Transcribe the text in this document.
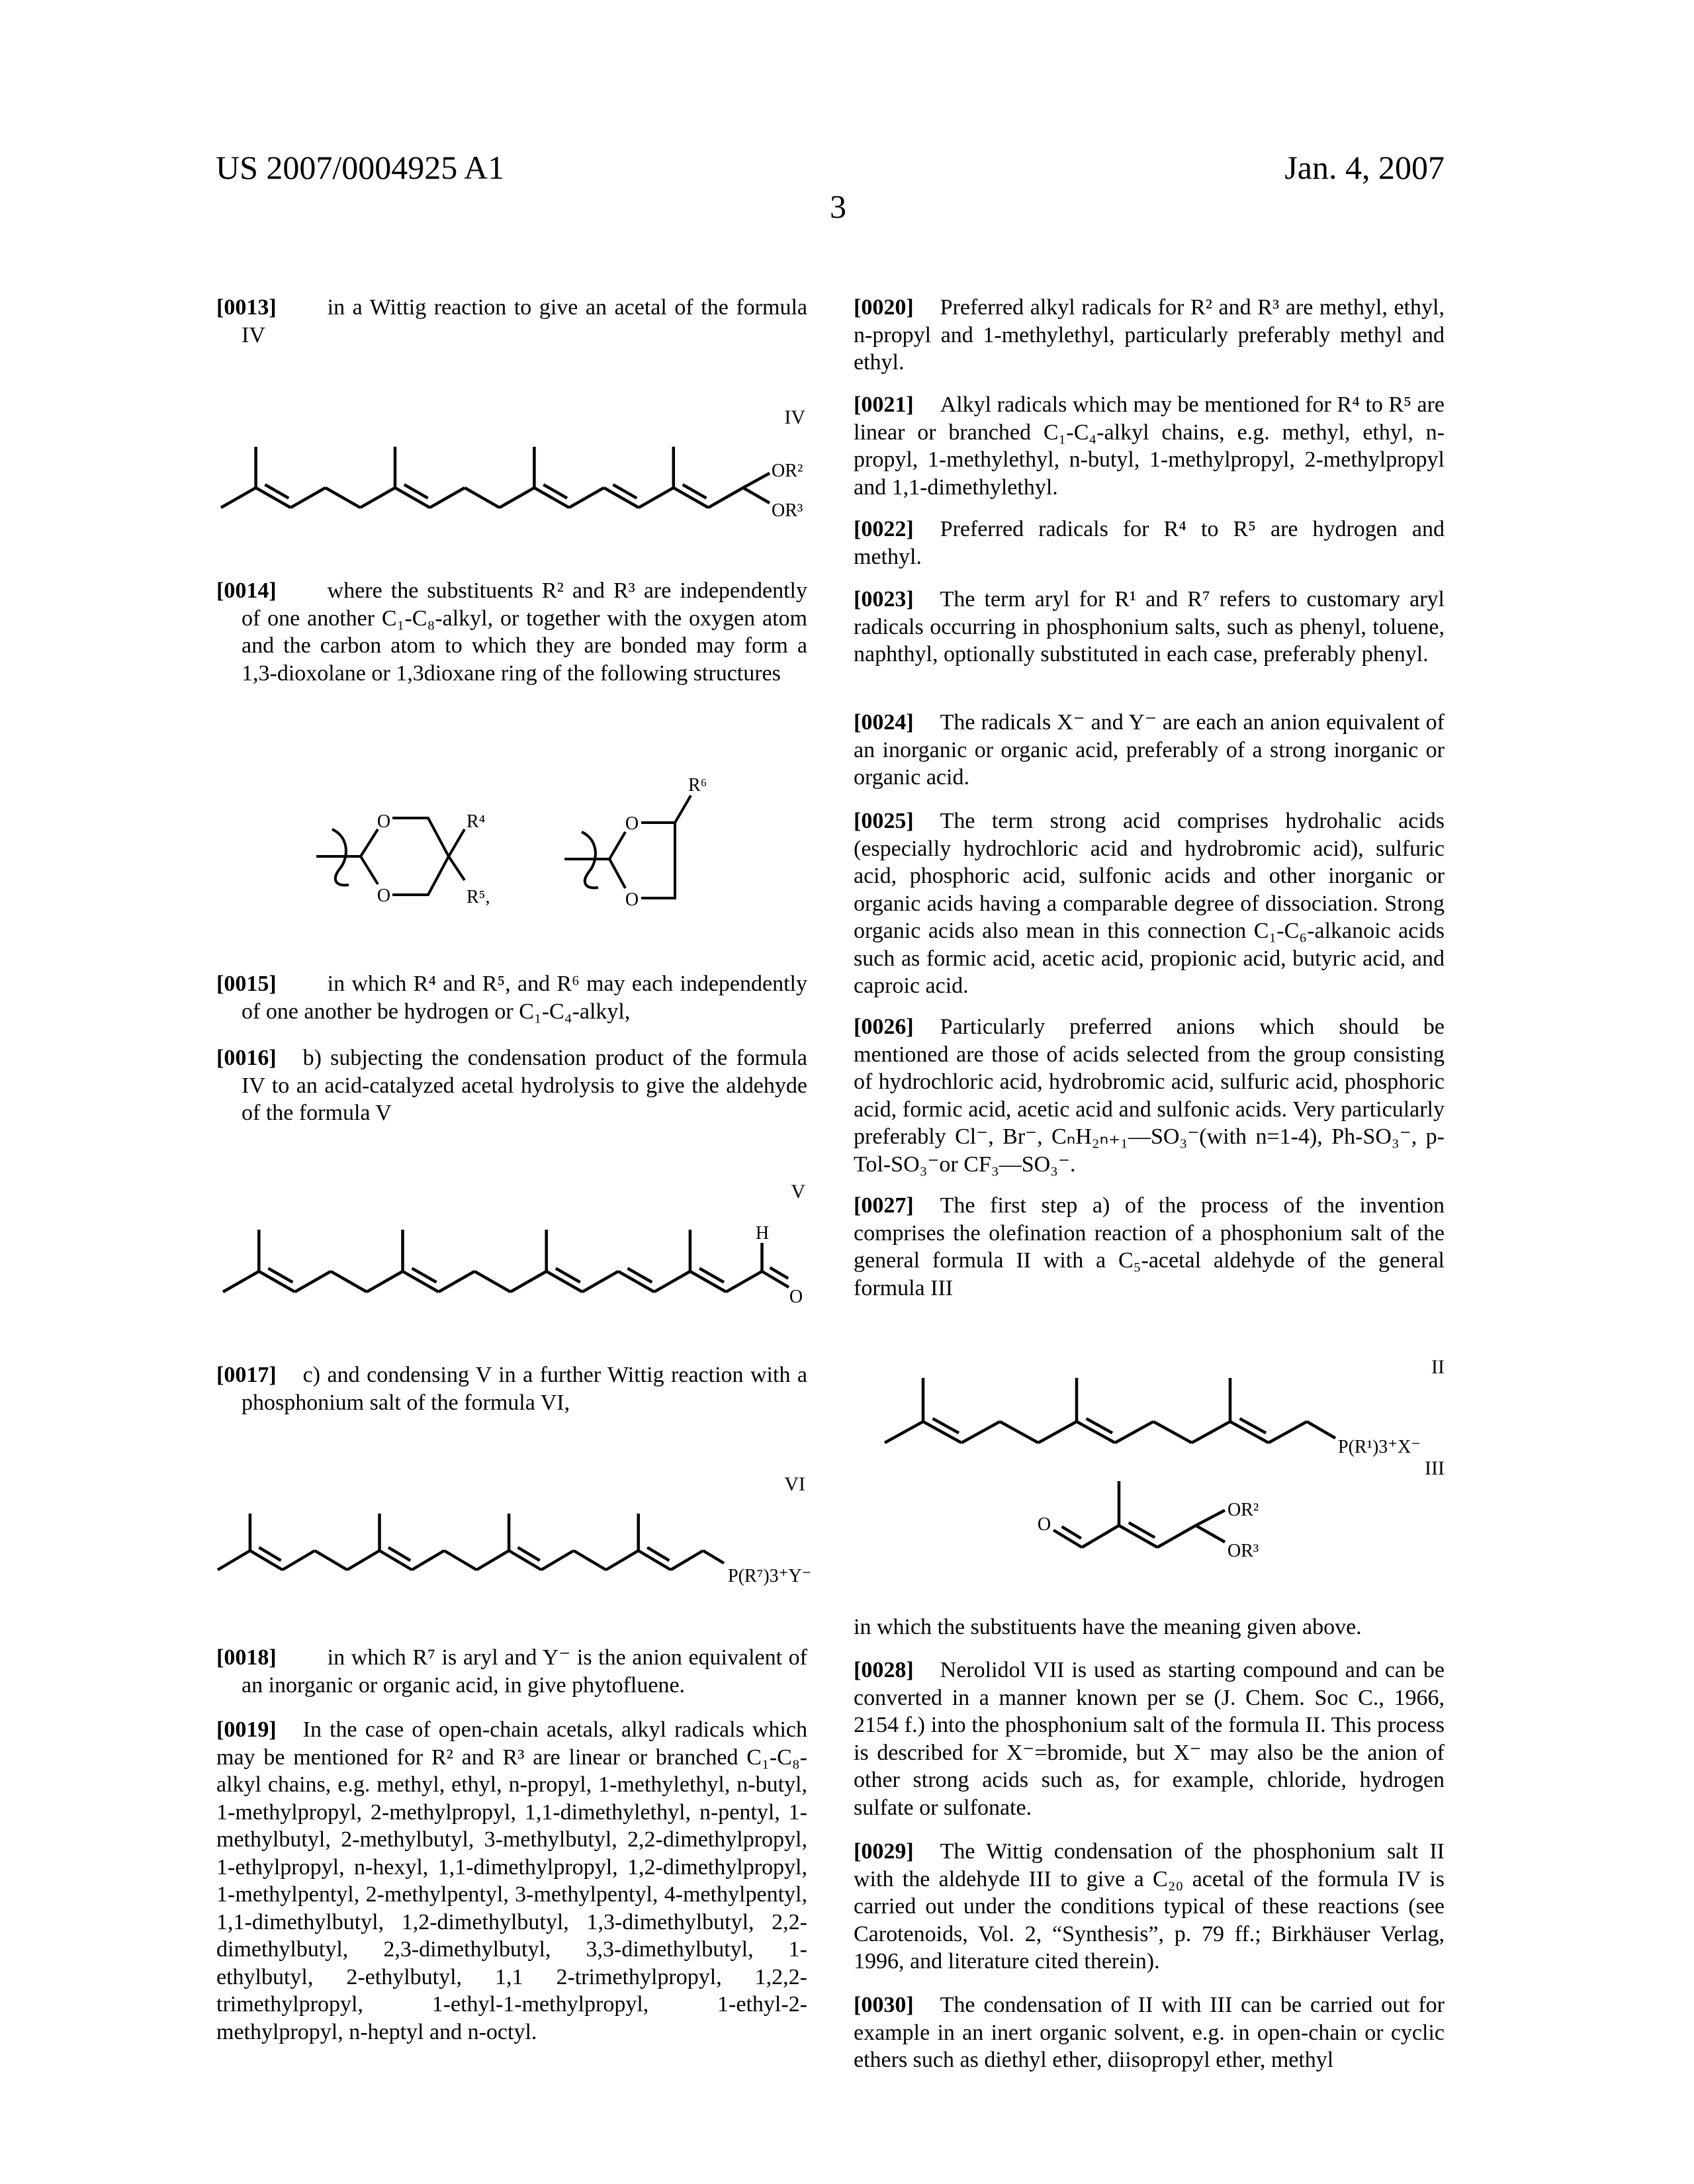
US 2007/0004925 A1	Jan. 4, 2007
3
[0013] in a Wittig reaction to give an acetal of the formula IV
[0014] where the substituents R² and R³ are independently of one another C₁-C₈-alkyl, or together with the oxygen atom and the carbon atom to which they are bonded may form a 1,3-dioxolane or 1,3dioxane ring of the following structures
[0015] in which R⁴ and R⁵, and R⁶ may each independently of one another be hydrogen or C₁-C₄-alkyl,
[0016] b) subjecting the condensation product of the formula IV to an acid-catalyzed acetal hydrolysis to give the aldehyde of the formula V
[0017] c) and condensing V in a further Wittig reaction with a phosphonium salt of the formula VI,
[0018] in which R⁷ is aryl and Y⁻ is the anion equivalent of an inorganic or organic acid, in give phytofluene.
[0019] In the case of open-chain acetals, alkyl radicals which may be mentioned for R² and R³ are linear or branched C₁-C₈-alkyl chains, e.g. methyl, ethyl, n-propyl, 1-methylethyl, n-butyl, 1-methylpropyl, 2-methylpropyl, 1,1-dimethylethyl, n-pentyl, 1-methylbutyl, 2-methylbutyl, 3-methylbutyl, 2,2-dimethylpropyl, 1-ethylpropyl, n-hexyl, 1,1-dimethylpropyl, 1,2-dimethylpropyl, 1-methylpentyl, 2-methylpentyl, 3-methylpentyl, 4-methylpentyl, 1,1-dimethylbutyl, 1,2-dimethylbutyl, 1,3-dimethylbutyl, 2,2-dimethylbutyl, 2,3-dimethylbutyl, 3,3-dimethylbutyl, 1-ethylbutyl, 2-ethylbutyl, 1,1 2-trimethylpropyl, 1,2,2-trimethylpropyl, 1-ethyl-1-methylpropyl, 1-ethyl-2-methylpropyl, n-heptyl and n-octyl.
[0020] Preferred alkyl radicals for R² and R³ are methyl, ethyl, n-propyl and 1-methylethyl, particularly preferably methyl and ethyl.
[0021] Alkyl radicals which may be mentioned for R⁴ to R⁵ are linear or branched C₁-C₄-alkyl chains, e.g. methyl, ethyl, n-propyl, 1-methylethyl, n-butyl, 1-methylpropyl, 2-methylpropyl and 1,1-dimethylethyl.
[0022] Preferred radicals for R⁴ to R⁵ are hydrogen and methyl.
[0023] The term aryl for R¹ and R⁷ refers to customary aryl radicals occurring in phosphonium salts, such as phenyl, toluene, naphthyl, optionally substituted in each case, preferably phenyl.
[0024] The radicals X⁻ and Y⁻ are each an anion equivalent of an inorganic or organic acid, preferably of a strong inorganic or organic acid.
[0025] The term strong acid comprises hydrohalic acids (especially hydrochloric acid and hydrobromic acid), sulfuric acid, phosphoric acid, sulfonic acids and other inorganic or organic acids having a comparable degree of dissociation. Strong organic acids also mean in this connection C₁-C₆-alkanoic acids such as formic acid, acetic acid, propionic acid, butyric acid, and caproic acid.
[0026] Particularly preferred anions which should be mentioned are those of acids selected from the group consisting of hydrochloric acid, hydrobromic acid, sulfuric acid, phosphoric acid, formic acid, acetic acid and sulfonic acids. Very particularly preferably Cl⁻, Br⁻, CₙH₂ₙ₊₁—SO₃⁻(with n=1-4), Ph-SO₃⁻, p-Tol-SO₃⁻or CF₃—SO₃⁻.
[0027] The first step a) of the process of the invention comprises the olefination reaction of a phosphonium salt of the general formula II with a C₅-acetal aldehyde of the general formula III
in which the substituents have the meaning given above.
[0028] Nerolidol VII is used as starting compound and can be converted in a manner known per se (J. Chem. Soc C., 1966, 2154 f.) into the phosphonium salt of the formula II. This process is described for X⁻=bromide, but X⁻ may also be the anion of other strong acids such as, for example, chloride, hydrogen sulfate or sulfonate.
[0029] The Wittig condensation of the phosphonium salt II with the aldehyde III to give a C₂₀ acetal of the formula IV is carried out under the conditions typical of these reactions (see Carotenoids, Vol. 2, “Synthesis”, p. 79 ff.; Birkhäuser Verlag, 1996, and literature cited therein).
[0030] The condensation of II with III can be carried out for example in an inert organic solvent, e.g. in open-chain or cyclic ethers such as diethyl ether, diisopropyl ether, methyl
IV
OR²
OR³
O
O
R⁴
R⁵,
O
O
R⁶
V
H
O
VI
P(R⁷)3⁺Y⁻
II
P(R¹)3⁺X⁻
III
O
OR²
OR³
